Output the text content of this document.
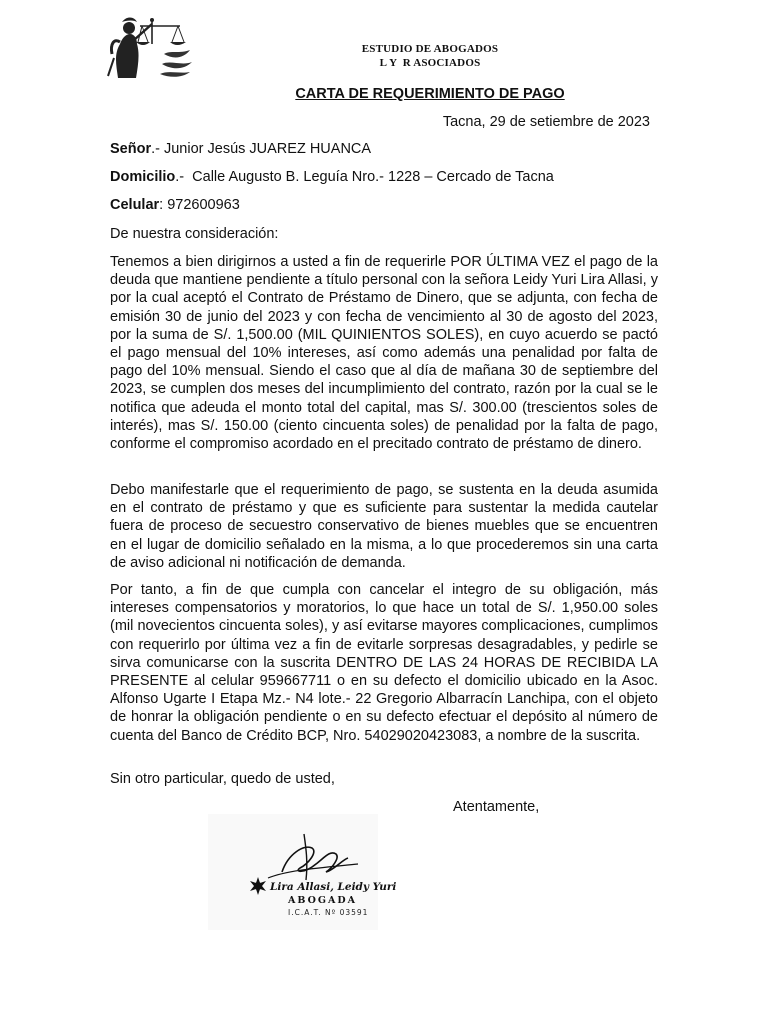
ESTUDIO DE ABOGADOS
L Y  R ASOCIADOS
CARTA DE REQUERIMIENTO DE PAGO
Tacna, 29 de setiembre de 2023
Señor.- Junior Jesús JUAREZ HUANCA
Domicilio.-  Calle Augusto B. Leguía Nro.- 1228 – Cercado de Tacna
Celular: 972600963
De nuestra consideración:

Tenemos a bien dirigirnos a usted a fin de requerirle POR ÚLTIMA VEZ el pago de la deuda que mantiene pendiente a título personal con la señora Leidy Yuri Lira Allasi, y por la cual aceptó el Contrato de Préstamo de Dinero, que se adjunta, con fecha de emisión 30 de junio del 2023 y con fecha de vencimiento al 30 de agosto del 2023, por la suma de S/. 1,500.00 (MIL QUINIENTOS SOLES), en cuyo acuerdo se pactó el pago mensual del 10% intereses, así como además una penalidad por falta de pago del 10% mensual. Siendo el caso que al día de mañana 30 de septiembre del 2023, se cumplen dos meses del incumplimiento del contrato, razón por la cual se le notifica que adeuda el monto total del capital, mas S/. 300.00 (trescientos soles de interés), mas S/. 150.00 (ciento cincuenta soles) de penalidad por la falta de pago, conforme el compromiso acordado en el precitado contrato de préstamo de dinero.

Debo manifestarle que el requerimiento de pago, se sustenta en la deuda asumida en el contrato de préstamo y que es suficiente para sustentar la medida cautelar fuera de proceso de secuestro conservativo de bienes muebles que se encuentren en el lugar de domicilio señalado en la misma, a lo que procederemos sin una carta de aviso adicional ni notificación de demanda.

Por tanto, a fin de que cumpla con cancelar el integro de su obligación, más intereses compensatorios y moratorios, lo que hace un total de S/. 1,950.00 soles (mil novecientos cincuenta soles), y así evitarse mayores complicaciones, cumplimos con requerirlo por última vez a fin de evitarle sorpresas desagradables, y pedirle se sirva comunicarse con la suscrita DENTRO DE LAS 24 HORAS DE RECIBIDA LA PRESENTE al celular 959667711 o en su defecto el domicilio ubicado en la Asoc. Alfonso Ugarte I Etapa Mz.- N4 lote.- 22 Gregorio Albarracín Lanchipa, con el objeto de honrar la obligación pendiente o en su defecto efectuar el depósito al número de cuenta del Banco de Crédito BCP, Nro. 54029020423083, a nombre de la suscrita.

Sin otro particular, quedo de usted,
Atentamente,
Lira Allasi, Leidy Yuri
ABOGADA
I.C.A.T. Nº 03591
